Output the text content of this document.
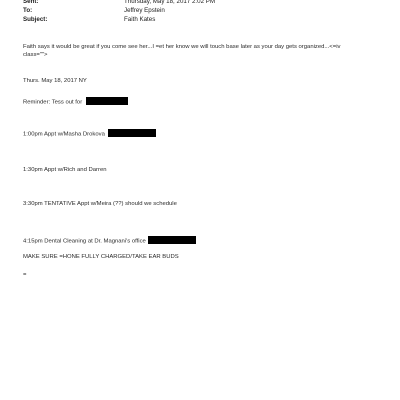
Sent:	Thursday, May 18, 2017 2:02 PM
To:	Jeffrey Epstein
Subject:	Faith Kates
Faith says it would be great if you come see her...I =et her know we will touch base later as your day gets organized...<=iv
class="">
Thurs. May 18, 2017 NY
Reminder: Tess out for
1:00pm Appt w/Masha Drokova
1:30pm Appt w/Rich and Darren
3:30pm TENTATIVE Appt w/Meira (??) should we schedule
4:15pm Dental Cleaning at Dr. Magnani's office
MAKE SURE =HONE FULLY CHARGED/TAKE EAR BUDS
=
